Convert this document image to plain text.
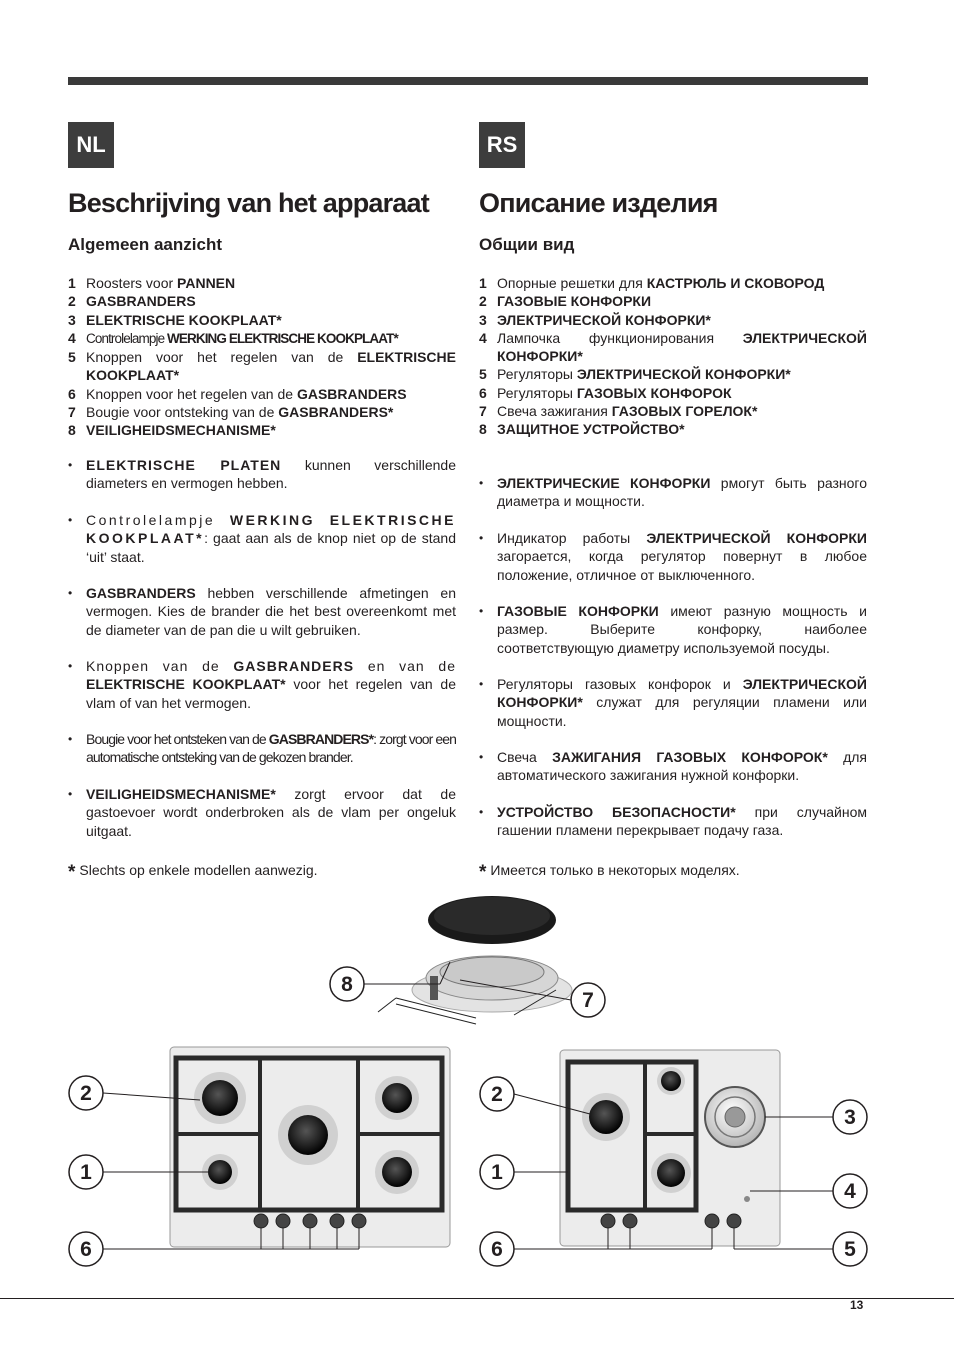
NL
Beschrijving van het apparaat
Algemeen aanzicht
1 Roosters voor PANNEN
2 GASBRANDERS
3 ELEKTRISCHE KOOKPLAAT*
4 Controlelampje WERKING ELEKTRISCHE KOOKPLAAT*
5 Knoppen voor het regelen van de ELEKTRISCHE KOOKPLAAT*
6 Knoppen voor het regelen van de GASBRANDERS
7 Bougie voor ontsteking van de GASBRANDERS*
8 VEILIGHEIDSMECHANISME*
• ELEKTRISCHE PLATEN kunnen verschillende diameters en vermogen hebben.
• Controlelampje WERKING ELEKTRISCHE KOOKPLAAT*: gaat aan als de knop niet op de stand ‘uit’ staat.
• GASBRANDERS hebben verschillende afmetingen en vermogen. Kies de brander die het best overeenkomt met de diameter van de pan die u wilt gebruiken.
• Knoppen van de GASBRANDERS en van de ELEKTRISCHE KOOKPLAAT* voor het regelen van de vlam of van het vermogen.
• Bougie voor het ontsteken van de GASBRANDERS*: zorgt voor een automatische ontsteking van de gekozen brander.
• VEILIGHEIDSMECHANISME* zorgt ervoor dat de gastoevoer wordt onderbroken als de vlam per ongeluk uitgaat.
* Slechts op enkele modellen aanwezig.
RS
Описание изделия
Общии вид
1 Опорные решетки для КАСТРЮЛЬ И СКОВОРОД
2 ГАЗОВЫЕ КОНФОРКИ
3 ЭЛЕКТРИЧЕСКОЙ КОНФОРКИ*
4 Лампочка функционирования ЭЛЕКТРИЧЕСКОЙ КОНФОРКИ*
5 Регуляторы ЭЛЕКТРИЧЕСКОЙ КОНФОРКИ*
6 Регуляторы ГАЗОВЫХ КОНФОРОК
7 Свеча зажигания ГАЗОВЫХ ГОРЕЛОК*
8 ЗАЩИТНОЕ УСТРОЙСТВО*
• ЭЛЕКТРИЧЕСКИЕ КОНФОРКИ рмогут быть разного диаметра и мощности.
• Индикатор работы ЭЛЕКТРИЧЕСКОЙ КОНФОРКИ загорается, когда регулятор повернут в любое положение, отличное от выключенного.
• ГАЗОВЫЕ КОНФОРКИ имеют разную мощность и размер. Выберите конфорку, наиболее соответствующую диаметру используемой посуды.
• Регуляторы газовых конфорок и ЭЛЕКТРИЧЕСКОЙ КОНФОРКИ* служат для регуляции пламени или мощности.
• Свеча ЗАЖИГАНИЯ ГАЗОВЫХ КОНФОРОК* для автоматического зажигания нужной конфорки.
• УСТРОЙСТВО БЕЗОПАСНОСТИ* при случайном гашении пламени перекрывает подачу газа.
* Имеется только в некоторых моделях.
8
7
2
1
6
2
1
6
3
4
5
13
